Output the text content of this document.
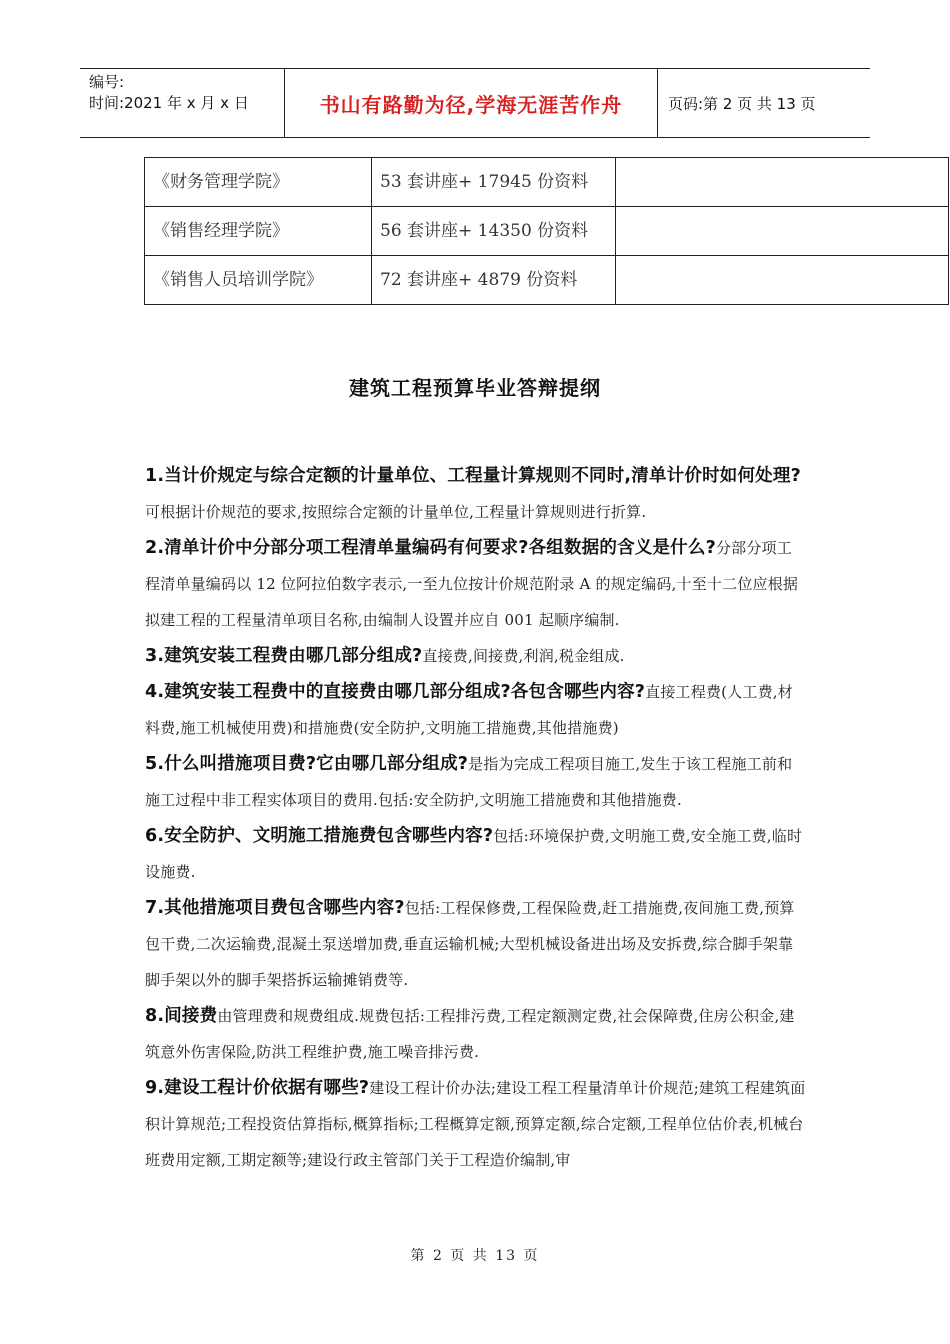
编号:
时间:2021 年 x 月 x 日	书山有路勤为径,学海无涯苦作舟	页码:第 2 页 共 13 页
《财务管理学院》	53 套讲座+ 17945 份资料	
《销售经理学院》	56 套讲座+ 14350 份资料	
《销售人员培训学院》	72 套讲座+ 4879 份资料	
建筑工程预算毕业答辩提纲

1.当计价规定与综合定额的计量单位、工程量计算规则不同时,清单计价时如何处理?可根据计价规范的要求,按照综合定额的计量单位,工程量计算规则进行折算.

2.清单计价中分部分项工程清单量编码有何要求?各组数据的含义是什么?分部分项工程清单量编码以 12 位阿拉伯数字表示,一至九位按计价规范附录 A 的规定编码,十至十二位应根据拟建工程的工程量清单项目名称,由编制人设置并应自 001 起顺序编制.

3.建筑安装工程费由哪几部分组成?直接费,间接费,利润,税金组成.

4.建筑安装工程费中的直接费由哪几部分组成?各包含哪些内容?直接工程费(人工费,材料费,施工机械使用费)和措施费(安全防护,文明施工措施费,其他措施费)

5.什么叫措施项目费?它由哪几部分组成?是指为完成工程项目施工,发生于该工程施工前和施工过程中非工程实体项目的费用.包括:安全防护,文明施工措施费和其他措施费.

6.安全防护、文明施工措施费包含哪些内容?包括:环境保护费,文明施工费,安全施工费,临时设施费.

7.其他措施项目费包含哪些内容?包括:工程保修费,工程保险费,赶工措施费,夜间施工费,预算包干费,二次运输费,混凝土泵送增加费,垂直运输机械;大型机械设备进出场及安拆费,综合脚手架靠脚手架以外的脚手架搭拆运输摊销费等.

8.间接费由管理费和规费组成.规费包括:工程排污费,工程定额测定费,社会保障费,住房公积金,建筑意外伤害保险,防洪工程维护费,施工噪音排污费.

9.建设工程计价依据有哪些?建设工程计价办法;建设工程工程量清单计价规范;建筑工程建筑面积计算规范;工程投资估算指标,概算指标;工程概算定额,预算定额,综合定额,工程单位估价表,机械台班费用定额,工期定额等;建设行政主管部门关于工程造价编制,审

第 2 页 共 13 页
